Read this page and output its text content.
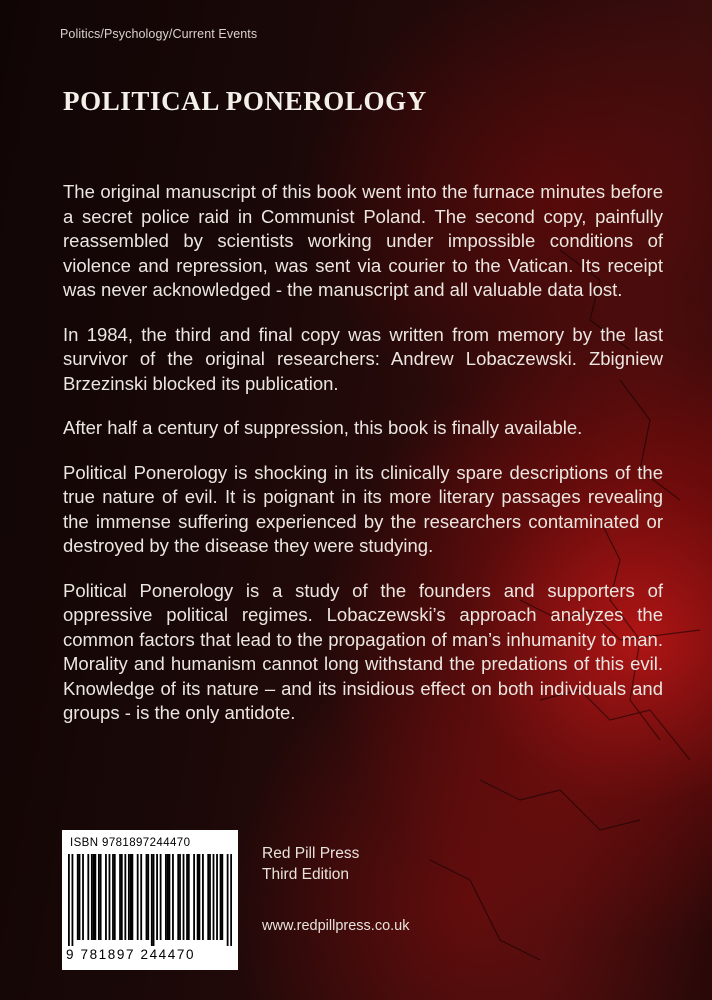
Politics/Psychology/Current Events
POLITICAL PONEROLOGY

The original manuscript of this book went into the furnace minutes before a secret police raid in Communist Poland. The second copy, painfully reassembled by scientists working under impossible conditions of violence and repression, was sent via courier to the Vatican. Its receipt was never acknowledged - the manuscript and all valuable data lost.

In 1984, the third and final copy was written from memory by the last survivor of the original researchers: Andrew Lobaczewski. Zbigniew Brzezinski blocked its publication.

After half a century of suppression, this book is finally available.

Political Ponerology is shocking in its clinically spare descriptions of the true nature of evil. It is poignant in its more literary passages revealing the immense suffering experienced by the researchers contaminated or destroyed by the disease they were studying.

Political Ponerology is a study of the founders and supporters of oppressive political regimes. Lobaczewski’s approach analyzes the common factors that lead to the propagation of man’s inhumanity to man. Morality and humanism cannot long withstand the predations of this evil. Knowledge of its nature – and its insidious effect on both individuals and groups - is the only antidote.

ISBN 9781897244470
9 781897 244470
Red Pill Press
Third Edition
www.redpillpress.co.uk
